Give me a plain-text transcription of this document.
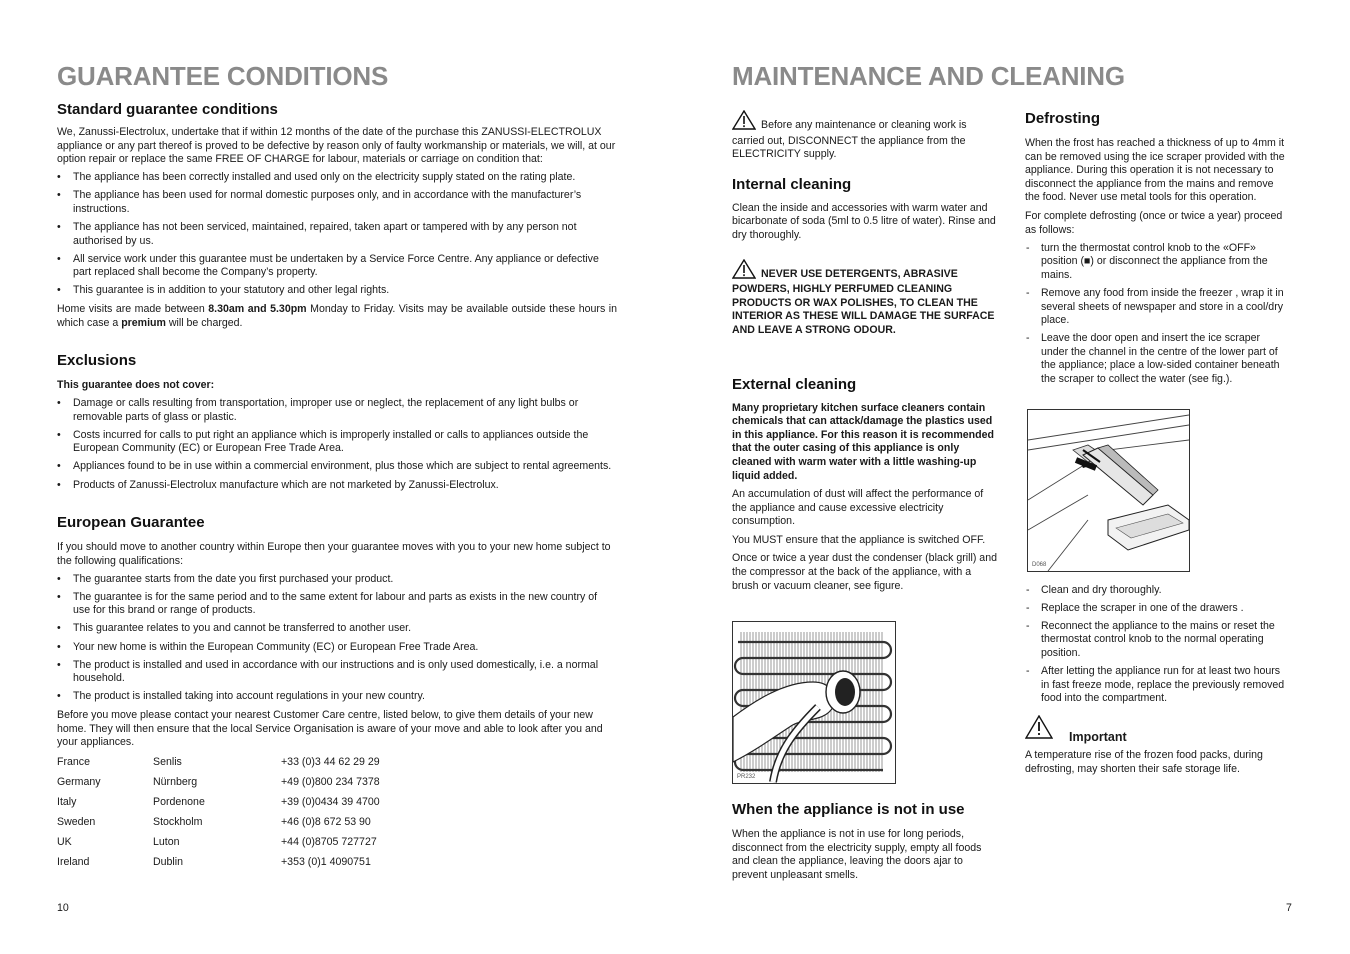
GUARANTEE CONDITIONS
Standard guarantee conditions

We, Zanussi-Electrolux, undertake that if within 12 months of the date of the purchase this ZANUSSI-ELECTROLUX appliance or any part thereof is proved to be defective by reason only of faulty workmanship or materials, we will, at our option repair or replace the same FREE OF CHARGE for labour, materials or carriage on condition that:

• The appliance has been correctly installed and used only on the electricity supply stated on the rating plate.
• The appliance has been used for normal domestic purposes only, and in accordance with the manufacturer’s instructions.
• The appliance has not been serviced, maintained, repaired, taken apart or tampered with by any person not authorised by us.
• All service work under this guarantee must be undertaken by a Service Force Centre. Any appliance or defective part replaced shall become the Company’s property.
• This guarantee is in addition to your statutory and other legal rights.

Home visits are made between 8.30am and 5.30pm Monday to Friday. Visits may be available outside these hours in which case a premium will be charged.

Exclusions

This guarantee does not cover:

• Damage or calls resulting from transportation, improper use or neglect, the replacement of any light bulbs or removable parts of glass or plastic.
• Costs incurred for calls to put right an appliance which is improperly installed or calls to appliances outside the European Community (EC) or European Free Trade Area.
• Appliances found to be in use within a commercial environment, plus those which are subject to rental agreements.
• Products of Zanussi-Electrolux manufacture which are not marketed by Zanussi-Electrolux.
European Guarantee

If you should move to another country within Europe then your guarantee moves with you to your new home subject to the following qualifications:

• The guarantee starts from the date you first purchased your product.
• The guarantee is for the same period and to the same extent for labour and parts as exists in the new country of use for this brand or range of products.
• This guarantee relates to you and cannot be transferred to another user.
• Your new home is within the European Community (EC) or European Free Trade Area.
• The product is installed and used in accordance with our instructions and is only used domestically, i.e. a normal household.
• The product is installed taking into account regulations in your new country.

Before you move please contact your nearest Customer Care centre, listed below, to give them details of your new home. They will then ensure that the local Service Organisation is aware of your move and able to look after you and your appliances.

France	Senlis	+33 (0)3 44 62 29 29
Germany	Nürnberg	+49 (0)800 234 7378
Italy	Pordenone	+39 (0)0434 39 4700
Sweden	Stockholm	+46 (0)8 672 53 90
UK	Luton	+44 (0)8705 727727
Ireland	Dublin	+353 (0)1 4090751
10
MAINTENANCE AND CLEANING

Before any maintenance or cleaning work is carried out, DISCONNECT the appliance from the ELECTRICITY supply.

Internal cleaning

Clean the inside and accessories with warm water and bicarbonate of soda (5ml to 0.5 litre of water). Rinse and dry thoroughly.

NEVER USE DETERGENTS, ABRASIVE POWDERS, HIGHLY PERFUMED CLEANING PRODUCTS OR WAX POLISHES, TO CLEAN THE INTERIOR AS THESE WILL DAMAGE THE SURFACE AND LEAVE A STRONG ODOUR.

External cleaning

Many proprietary kitchen surface cleaners contain chemicals that can attack/damage the plastics used in this appliance. For this reason it is recommended that the outer casing of this appliance is only cleaned with warm water with a little washing-up liquid added.

An accumulation of dust will affect the performance of the appliance and cause excessive electricity consumption.

You MUST ensure that the appliance is switched OFF.

Once or twice a year dust the condenser (black grill) and the compressor at the back of the appliance, with a brush or vacuum cleaner, see figure.

PR232
When the appliance is not in use

When the appliance is not in use for long periods, disconnect from the electricity supply, empty all foods and clean the appliance, leaving the doors ajar to prevent unpleasant smells.

Defrosting

When the frost has reached a thickness of up to 4mm it can be removed using the ice scraper provided with the appliance. During this operation it is not necessary to disconnect the appliance from the mains and remove the food. Never use metal tools for this operation.

For complete defrosting (once or twice a year) proceed as follows:

- turn the thermostat control knob to the «OFF» position (■) or disconnect the appliance from the mains.
- Remove any food from inside the freezer , wrap it in several sheets of newspaper and store in a cool/dry place.
- Leave the door open and insert the ice scraper under the channel in the centre of the lower part of the appliance; place a low-sided container beneath the scraper to collect the water (see fig.).
D068
- Clean and dry thoroughly.
- Replace the scraper in one of the drawers .
- Reconnect the appliance to the mains or reset the thermostat control knob to the normal operating position.
- After letting the appliance run for at least two hours in fast freeze mode, replace the previously removed food into the compartment.
Important

A temperature rise of the frozen food packs, during defrosting, may shorten their safe storage life.

7
